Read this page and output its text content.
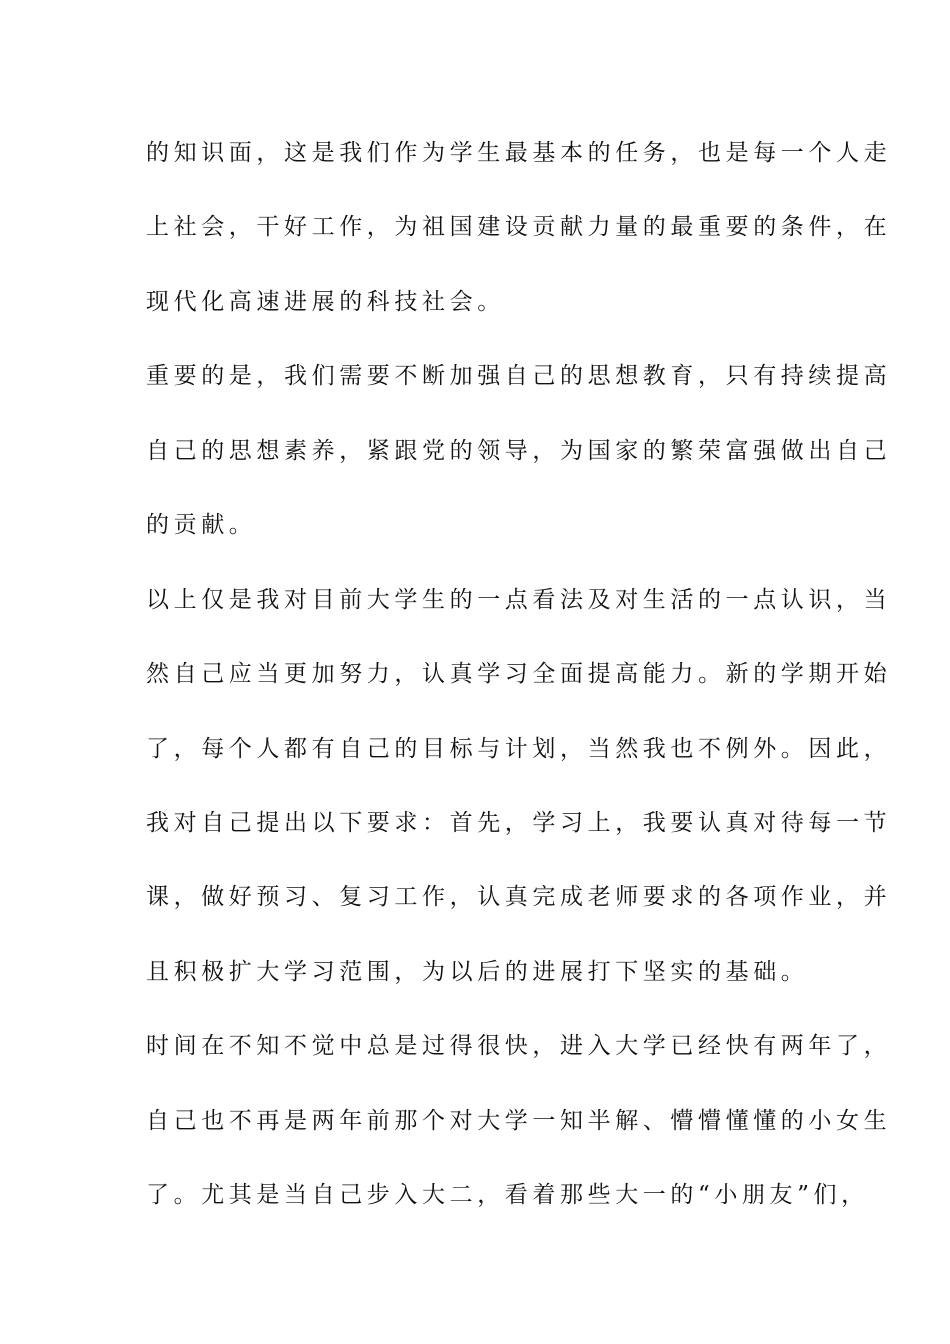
的知识面，这是我们作为学生最基本的任务，也是每一个人走
上社会，干好工作，为祖国建设贡献力量的最重要的条件，在
现代化高速进展的科技社会。
重要的是，我们需要不断加强自己的思想教育，只有持续提高
自己的思想素养，紧跟党的领导，为国家的繁荣富强做出自己
的贡献。
以上仅是我对目前大学生的一点看法及对生活的一点认识，当
然自己应当更加努力，认真学习全面提高能力。新的学期开始
了，每个人都有自己的目标与计划，当然我也不例外。因此，
我对自己提出以下要求：首先，学习上，我要认真对待每一节
课，做好预习、复习工作，认真完成老师要求的各项作业，并
且积极扩大学习范围，为以后的进展打下坚实的基础。
时间在不知不觉中总是过得很快，进入大学已经快有两年了，
自己也不再是两年前那个对大学一知半解、懵懵懂懂的小女生
了。尤其是当自己步入大二，看着那些大一的“小朋友”们，
